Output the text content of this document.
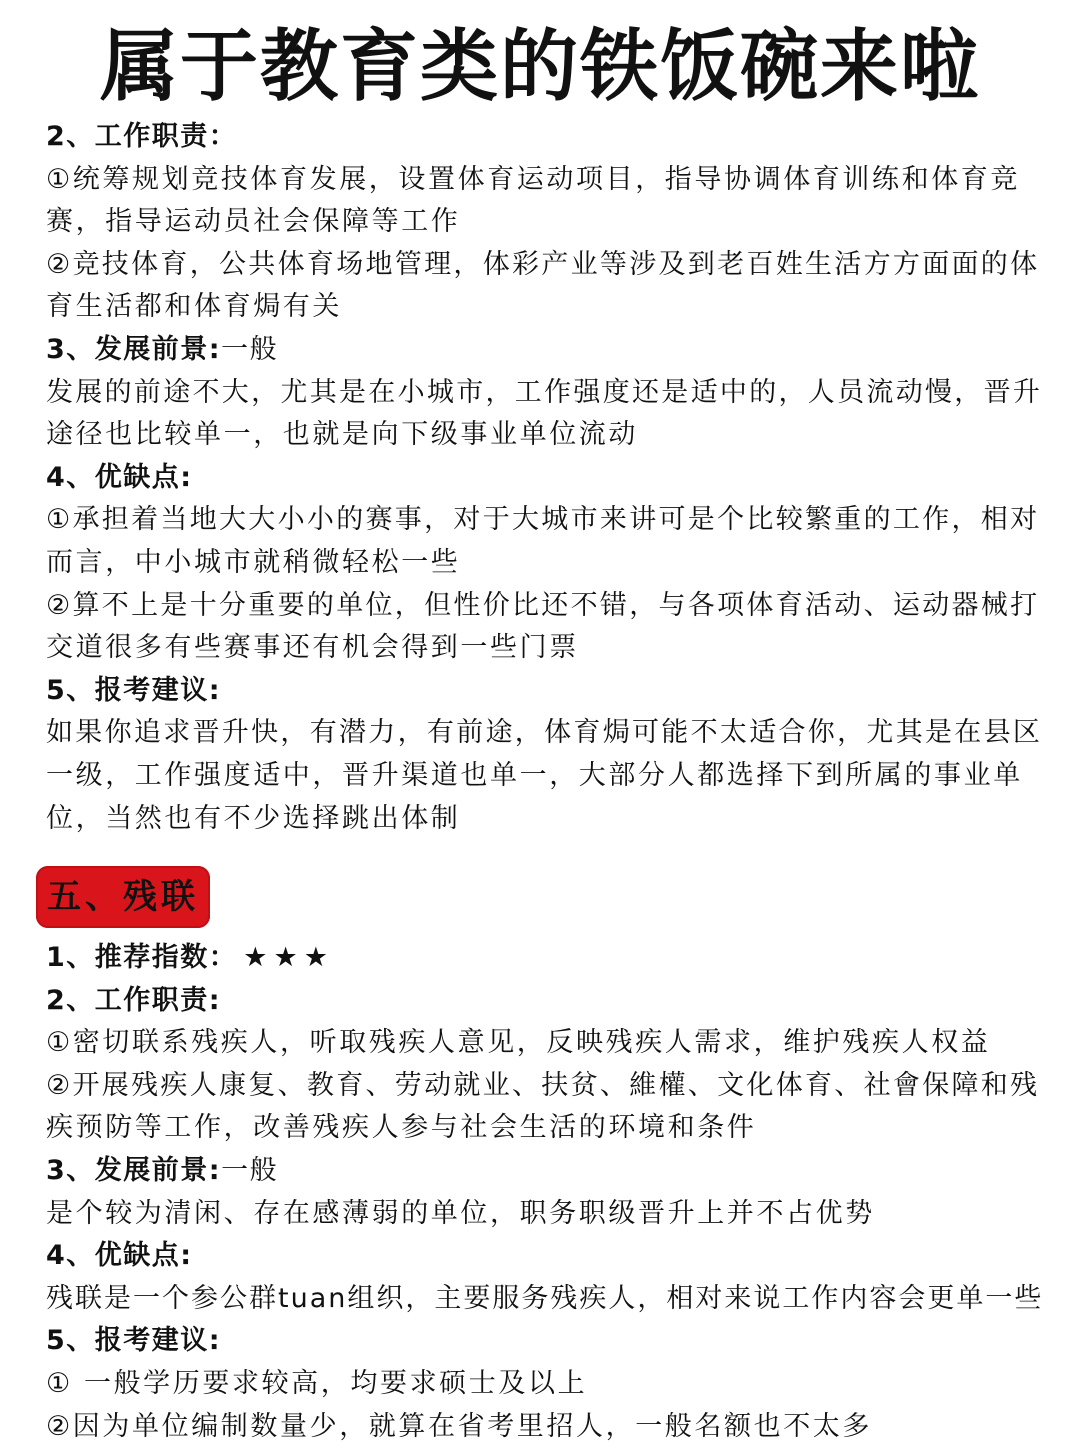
属于教育类的铁饭碗来啦
2、工作职责：
①统筹规划竞技体育发展，设置体育运动项目，指导协调体育训练和体育竞
赛，指导运动员社会保障等工作
②竞技体育，公共体育场地管理，体彩产业等涉及到老百姓生活方方面面的体
育生活都和体育焗有关
3、发展前景:一般
发展的前途不大，尤其是在小城市，工作强度还是适中的，人员流动慢，晋升
途径也比较单一，也就是向下级事业单位流动
4、优缺点:
①承担着当地大大小小的赛事，对于大城市来讲可是个比较繁重的工作，相对
而言，中小城市就稍微轻松一些
②算不上是十分重要的单位，但性价比还不错，与各项体育活动、运动器械打
交道很多有些赛事还有机会得到一些门票
5、报考建议:
如果你追求晋升快，有潜力，有前途，体育焗可能不太适合你，尤其是在县区
一级，工作强度适中，晋升渠道也单一，大部分人都选择下到所属的事业单
位，当然也有不少选择跳出体制
五、残联
1、推荐指数： ★★★
2、工作职责:
①密切联系残疾人，听取残疾人意见，反映残疾人需求，维护残疾人权益
②开展残疾人康复、教育、劳动就业、扶贫、維權、文化体育、社會保障和残
疾预防等工作，改善残疾人参与社会生活的环境和条件
3、发展前景:一般
是个较为清闲、存在感薄弱的单位，职务职级晋升上并不占优势
4、优缺点:
残联是一个参公群tuan组织，主要服务残疾人，相对来说工作内容会更单一些
5、报考建议:
① 一般学历要求较高，均要求硕士及以上
②因为单位编制数量少，就算在省考里招人，一般名额也不太多
